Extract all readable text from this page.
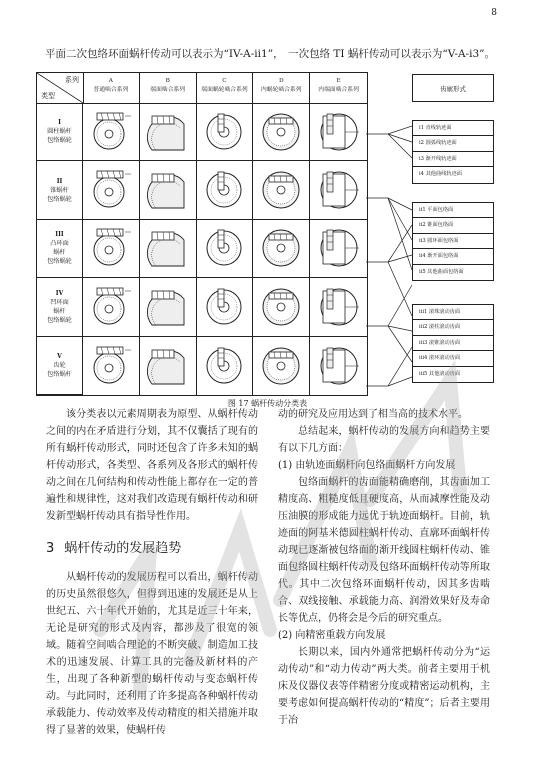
8
平面二次包络环面蜗杆传动可以表示为“IV-A-ii1”， 一次包络 TI 蜗杆传动可以表示为“V-A-i3”。
系列
类型
A
普通啮合系列
B
端面啮合系列
C
端面蜗轮啮合系列
D
内蜗轮啮合系列
E
内端面啮合系列
I
圆柱蜗杆
包络蜗轮
II
锥蜗杆
包络蜗轮
III
凸环面
蜗杆
包络蜗轮
IV
凹环面
蜗杆
包络蜗轮
V
齿轮
包络蜗杆
齿廓形式
i1 直线轨迹面
i2 圆弧线轨迹面
i3 渐开线轨迹面
i4 其他曲线轨迹面
ii1 平面包络面
ii2 锥面包络面
ii3 圆环面包络面
ii4 渐开面包络面
ii5 其他曲面包络面
iii1 滚珠滚动齿面
iii2 滚柱滚动齿面
iii3 滚锥滚动齿面
iii4 滚环滚动齿面
iii5 其他滚动齿面
图 17 蜗杆传动分类表

该分类表以元素周期表为原型、从蜗杆传动之间的内在矛盾进行分划，其不仅囊括了现有的所有蜗杆传动形式，同时还包含了许多未知的蜗杆传动形式，各类型、各系列及各形式的蜗杆传动之间在几何结构和传动性能上都存在一定的普遍性和规律性，这对我们改造现有蜗杆传动和研发新型蜗杆传动具有指导性作用。

3 蜗杆传动的发展趋势

从蜗杆传动的发展历程可以看出，蜗杆传动的历史虽然很悠久，但得到迅速的发展还是从上世纪五、六十年代开始的，尤其是近三十年来，无论是研究的形式及内容，都涉及了很宽的领域。随着空间啮合理论的不断突破、制造加工技术的迅速发展、计算工具的完备及新材料的产生，出现了各种新型的蜗杆传动与变态蜗杆传动。与此同时，还利用了许多提高各种蜗杆传动承载能力、传动效率及传动精度的相关措施并取得了显著的效果，使蜗杆传

动的研究及应用达到了相当高的技术水平。

总结起来，蜗杆传动的发展方向和趋势主要有以下几方面：

(1) 由轨迹面蜗杆向包络面蜗杆方向发展

包络面蜗杆的齿面能精确磨削，其齿面加工精度高、粗糙度低且硬度高，从而减摩性能及动压油膜的形成能力远优于轨迹面蜗杆。目前，轨迹面的阿基米德圆柱蜗杆传动、直廓环面蜗杆传动现已逐渐被包络面的渐开线圆柱蜗杆传动、锥面包络圆柱蜗杆传动及包络环面蜗杆传动等所取代。其中二次包络环面蜗杆传动，因其多齿啮合、双线接触、承载能力高、润滑效果好及寿命长等优点，仍将会是今后的研究重点。

(2) 向精密重载方向发展

长期以来，国内外通常把蜗杆传动分为“运动传动”和“动力传动”两大类。前者主要用于机床及仪器仪表等伴精密分度或精密运动机构，主要考虑如何提高蜗杆传动的“精度”；后者主要用于冶
